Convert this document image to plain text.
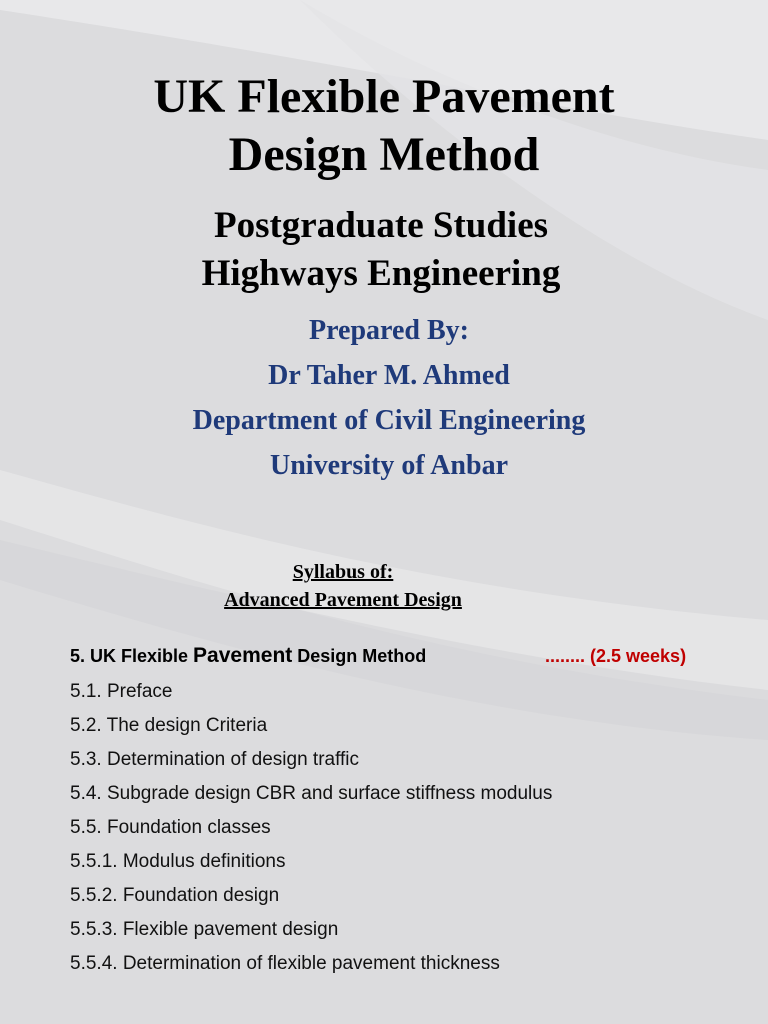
UK Flexible Pavement
Design Method
Postgraduate Studies
Highways Engineering
Prepared By:
Dr Taher M. Ahmed
Department of Civil Engineering
University of Anbar
Syllabus of:
Advanced Pavement Design
5. UK Flexible Pavement Design Method	........ (2.5 weeks)
5.1. Preface
5.2. The design Criteria
5.3. Determination of design traffic
5.4. Subgrade design CBR and surface stiffness modulus
5.5. Foundation classes
5.5.1. Modulus definitions
5.5.2. Foundation design
5.5.3. Flexible pavement design
5.5.4. Determination of flexible pavement thickness
